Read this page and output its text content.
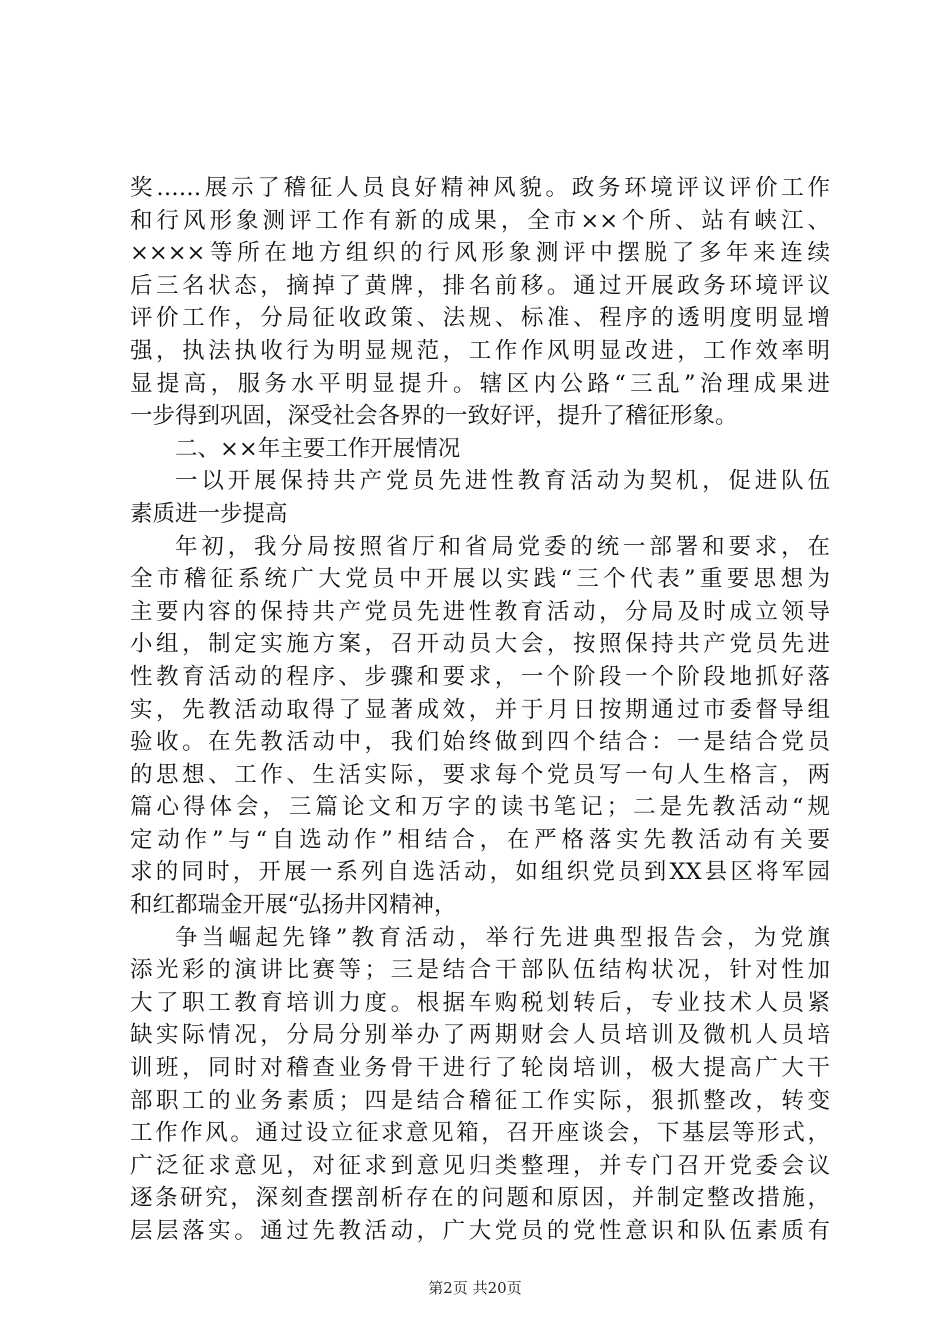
奖……展示了稽征人员良好精神风貌。政务环境评议评价工作
和行风形象测评工作有新的成果，全市××个所、站有峡江、
××××等所在地方组织的行风形象测评中摆脱了多年来连续
后三名状态，摘掉了黄牌，排名前移。通过开展政务环境评议
评价工作，分局征收政策、法规、标准、程序的透明度明显增
强，执法执收行为明显规范，工作作风明显改进，工作效率明
显提高，服务水平明显提升。辖区内公路“三乱”治理成果进
一步得到巩固，深受社会各界的一致好评，提升了稽征形象。
二、××年主要工作开展情况
一以开展保持共产党员先进性教育活动为契机，促进队伍
素质进一步提高
年初，我分局按照省厅和省局党委的统一部署和要求，在
全市稽征系统广大党员中开展以实践“三个代表”重要思想为
主要内容的保持共产党员先进性教育活动，分局及时成立领导
小组，制定实施方案，召开动员大会，按照保持共产党员先进
性教育活动的程序、步骤和要求，一个阶段一个阶段地抓好落
实，先教活动取得了显著成效，并于月日按期通过市委督导组
验收。在先教活动中，我们始终做到四个结合：一是结合党员
的思想、工作、生活实际，要求每个党员写一句人生格言，两
篇心得体会，三篇论文和万字的读书笔记；二是先教活动“规
定动作”与“自选动作”相结合，在严格落实先教活动有关要
求的同时，开展一系列自选活动，如组织党员到XX县区将军园
和红都瑞金开展“弘扬井冈精神，
争当崛起先锋”教育活动，举行先进典型报告会，为党旗
添光彩的演讲比赛等；三是结合干部队伍结构状况，针对性加
大了职工教育培训力度。根据车购税划转后，专业技术人员紧
缺实际情况，分局分别举办了两期财会人员培训及微机人员培
训班，同时对稽查业务骨干进行了轮岗培训，极大提高广大干
部职工的业务素质；四是结合稽征工作实际，狠抓整改，转变
工作作风。通过设立征求意见箱，召开座谈会，下基层等形式，
广泛征求意见，对征求到意见归类整理，并专门召开党委会议
逐条研究，深刻查摆剖析存在的问题和原因，并制定整改措施，
层层落实。通过先教活动，广大党员的党性意识和队伍素质有
第2页 共20页
